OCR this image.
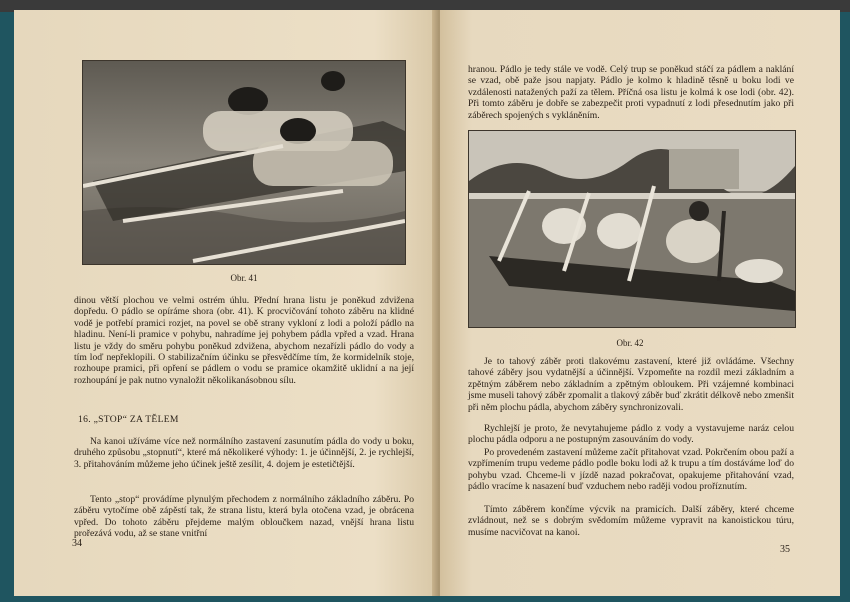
Obr. 41

dinou větší plochou ve velmi ostrém úhlu. Přední hrana listu je poněkud zdvižena dopředu. O pádlo se opíráme shora (obr. 41). K procvičování tohoto záběru na klidné vodě je potřebí pramici rozjet, na povel se obě strany vykloní z lodi a položí pádlo na hladinu. Není-li pramice v pohybu, nahradíme jej pohybem pádla vpřed a vzad. Hrana listu je vždy do směru pohybu poněkud zdvižena, abychom nezařízli pádlo do vody a tím loď nepřeklopili. O stabilizačním účinku se přesvědčíme tím, že kormidelník stoje, rozhoupe pramici, při opření se pádlem o vodu se pramice okamžitě uklidní a na její rozhoupání je pak nutno vynaložit několikanásobnou sílu.

16. „STOP“ ZA TĚLEM

Na kanoi užíváme více než normálního zastavení zasunutím pádla do vody u boku, druhého způsobu „stopnutí“, které má několikeré výhody: 1. je účinnější, 2. je rychlejší, 3. přitahováním můžeme jeho účinek ještě zesílit, 4. dojem je estetičtější.

Tento „stop“ provádíme plynulým přechodem z normálního základního záběru. Po záběru vytočíme obě zápěstí tak, že strana listu, která byla otočena vzad, je obrácena vpřed. Do tohoto záběru přejdeme malým obloučkem nazad, vnější hrana listu prořezává vodu, až se stane vnitřní

34

hranou. Pádlo je tedy stále ve vodě. Celý trup se poněkud stáčí za pádlem a naklání se vzad, obě paže jsou napjaty. Pádlo je kolmo k hladině těsně u boku lodi ve vzdálenosti natažených paží za tělem. Příčná osa listu je kolmá k ose lodi (obr. 42). Při tomto záběru je dobře se zabezpečit proti vypadnutí z lodi přesednutím jako při záběrech spojených s vykláněním.

Obr. 42

Je to tahový záběr proti tlakovému zastavení, které již ovládáme. Všechny tahové záběry jsou vydatnější a účinnější. Vzpomeňte na rozdíl mezi základním a zpětným záběrem nebo základním a zpětným obloukem. Při vzájemné kombinaci jsme museli tahový záběr zpomalit a tlakový záběr buď zkrátit délkově nebo zmenšit při něm plochu pádla, abychom záběry synchronizovali.

Rychlejší je proto, že nevytahujeme pádlo z vody a vystavujeme naráz celou plochu pádla odporu a ne postupným zasouváním do vody.

Po provedeném zastavení můžeme začít přitahovat vzad. Pokrčením obou paží a vzpřímením trupu vedeme pádlo podle boku lodi až k trupu a tím dostáváme loď do pohybu vzad. Chceme-li v jízdě nazad pokračovat, opakujeme přitahování vzad, pádlo vracíme k nasazení buď vzduchem nebo raději vodou proříznutím.

Tímto záběrem končíme výcvik na pramicích. Další záběry, které chceme zvládnout, než se s dobrým svědomím můžeme vypravit na kanoistickou túru, musíme nacvičovat na kanoi.

35
